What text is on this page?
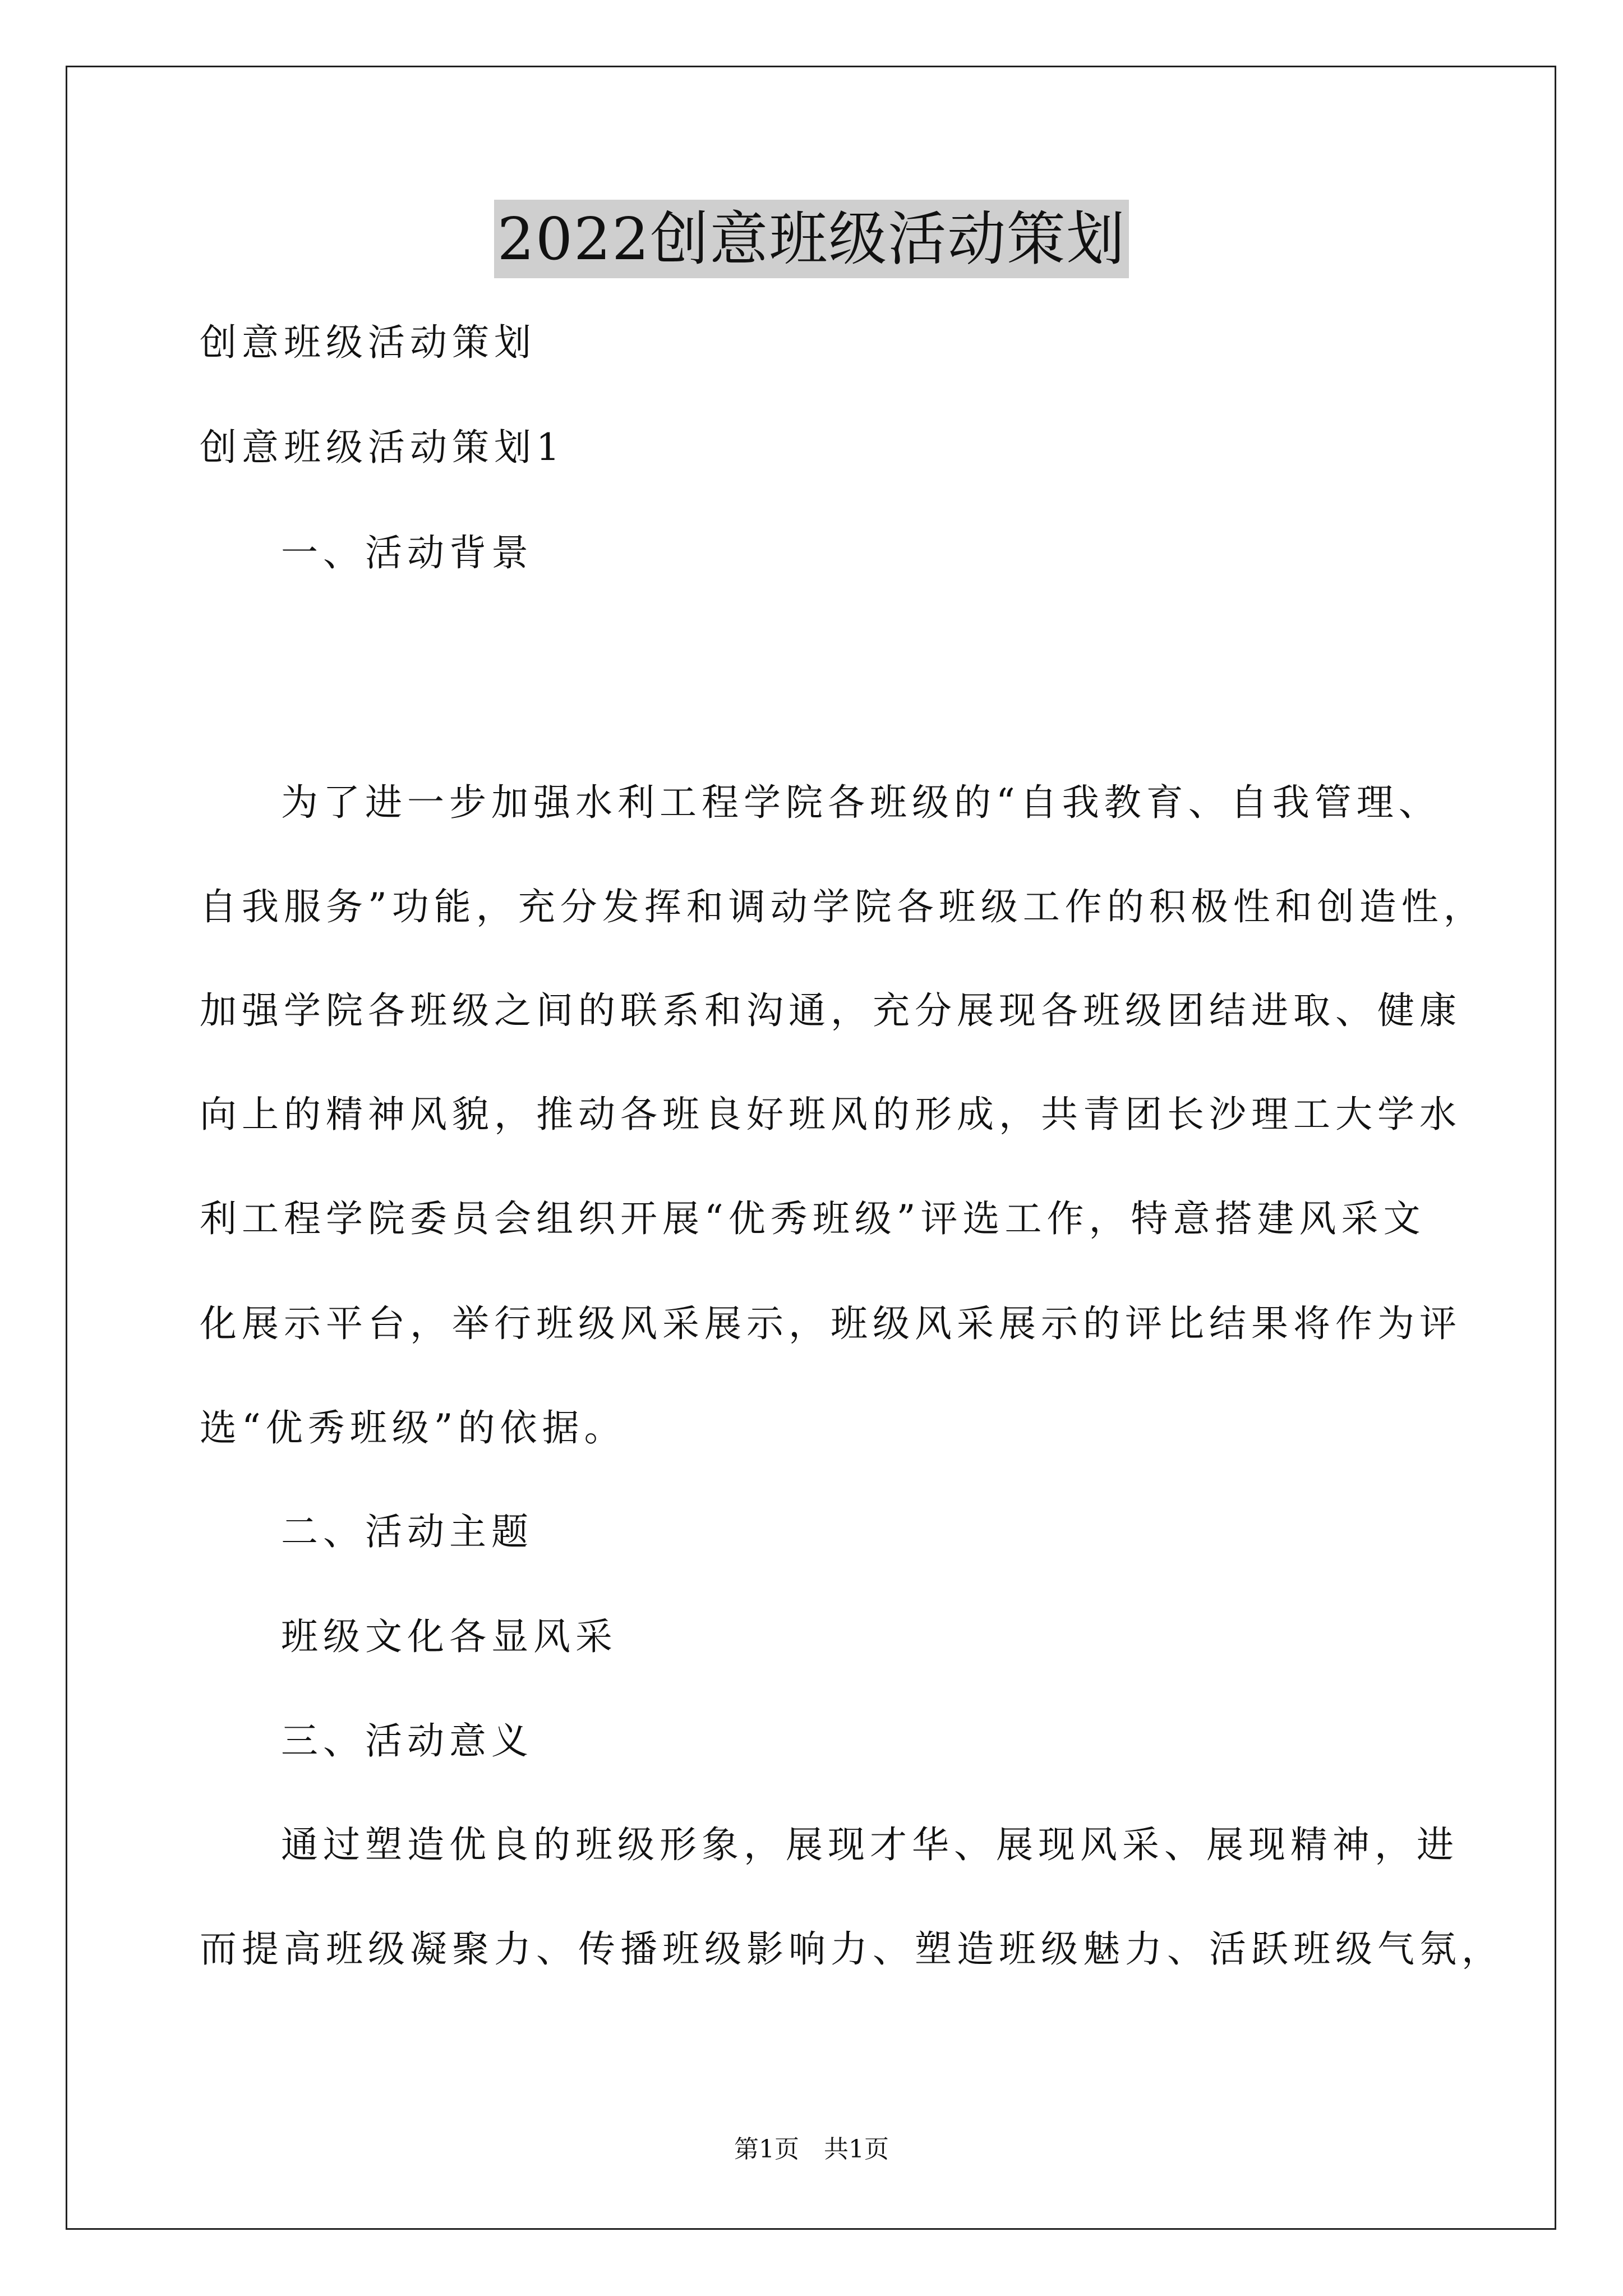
2022创意班级活动策划
创意班级活动策划
创意班级活动策划1
一、活动背景
为了进一步加强水利工程学院各班级的“自我教育、自我管理、
自我服务”功能，充分发挥和调动学院各班级工作的积极性和创造性，
加强学院各班级之间的联系和沟通，充分展现各班级团结进取、健康
向上的精神风貌，推动各班良好班风的形成，共青团长沙理工大学水
利工程学院委员会组织开展“优秀班级”评选工作，特意搭建风采文
化展示平台，举行班级风采展示，班级风采展示的评比结果将作为评
选“优秀班级”的依据。
二、活动主题
班级文化各显风采
三、活动意义
通过塑造优良的班级形象，展现才华、展现风采、展现精神，进
而提高班级凝聚力、传播班级影响力、塑造班级魅力、活跃班级气氛，
第1页　共1页
